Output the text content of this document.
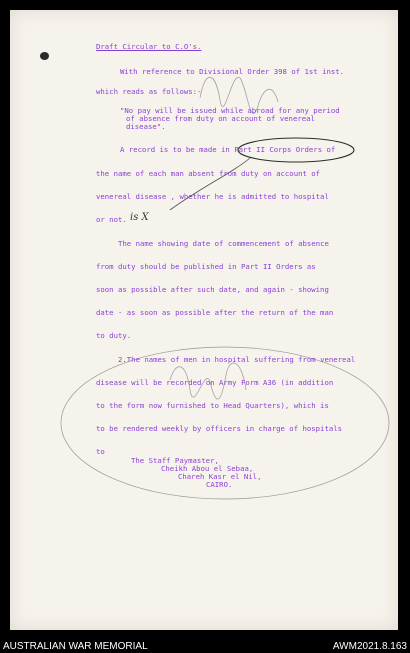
Draft Circular to C.O's.
With reference to Divisional Order 398 of 1st inst.
which reads as follows:-
"No pay will be issued while abroad for any period
of absence from duty on account of venereal
disease".
A record is to be made in Part II Corps Orders of
the name of each man absent from duty on account of
venereal disease , whether he is admitted to hospital
or not.
The name showing date of commencement of absence
from duty should be published in Part II Orders as
soon as possible after such date, and again - showing
date - as soon as possible after the return of the man
to duty.
2.The names of men in hospital suffering from venereal
disease will be recorded on Army Form A36 (in addition
to the form now furnished to Head Quarters), which is
to be rendered weekly by officers in charge of hospitals
to
The Staff Paymaster,
Cheikh Abou el Sebaa,
Chareh Kasr el Nil,
CAIRO.
is X
AUSTRALIAN WAR MEMORIAL	AWM2021.8.163
